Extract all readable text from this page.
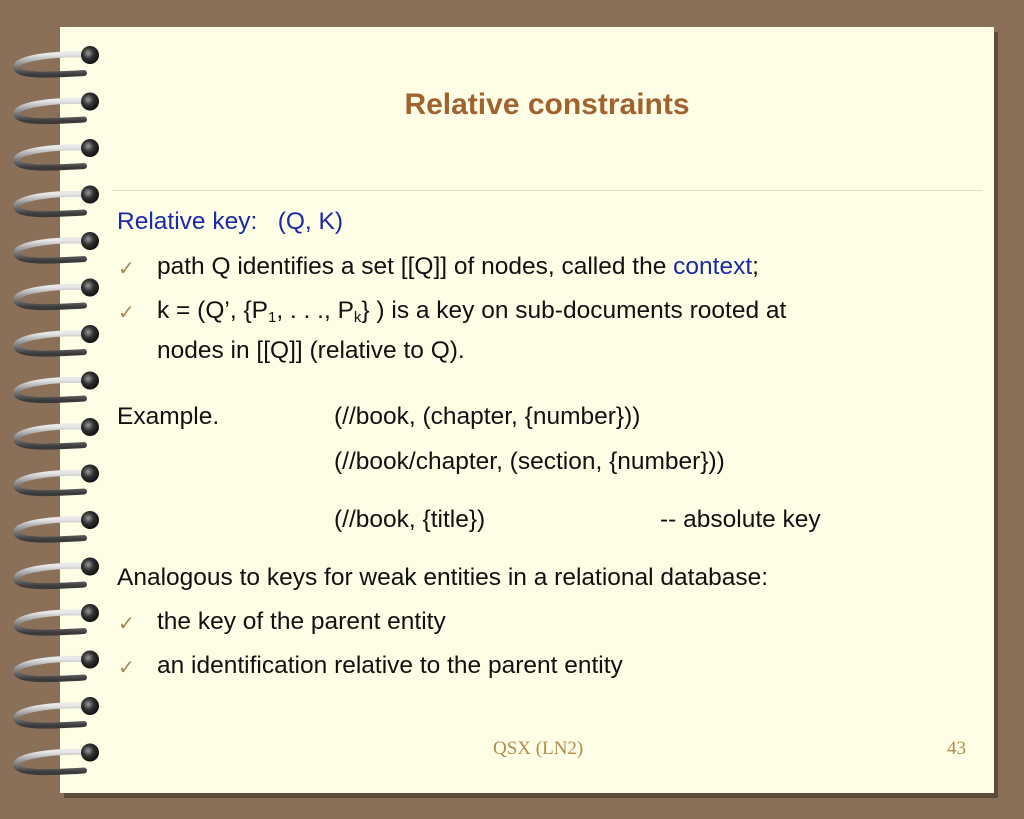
Relative constraints
Relative key: (Q, K)
✓ path Q identifies a set [[Q]] of nodes, called the context;
✓ k = (Q’, {$P_1$, . . ., $P_k$} ) is a key on sub-documents rooted at
nodes in [[Q]] (relative to Q).
Example.	(//book, (chapter, {number}))
(//book/chapter, (section, {number}))
(//book, {title})	-- absolute key
Analogous to keys for weak entities in a relational database:
✓ the key of the parent entity
✓ an identification relative to the parent entity
QSX (LN2)	43
